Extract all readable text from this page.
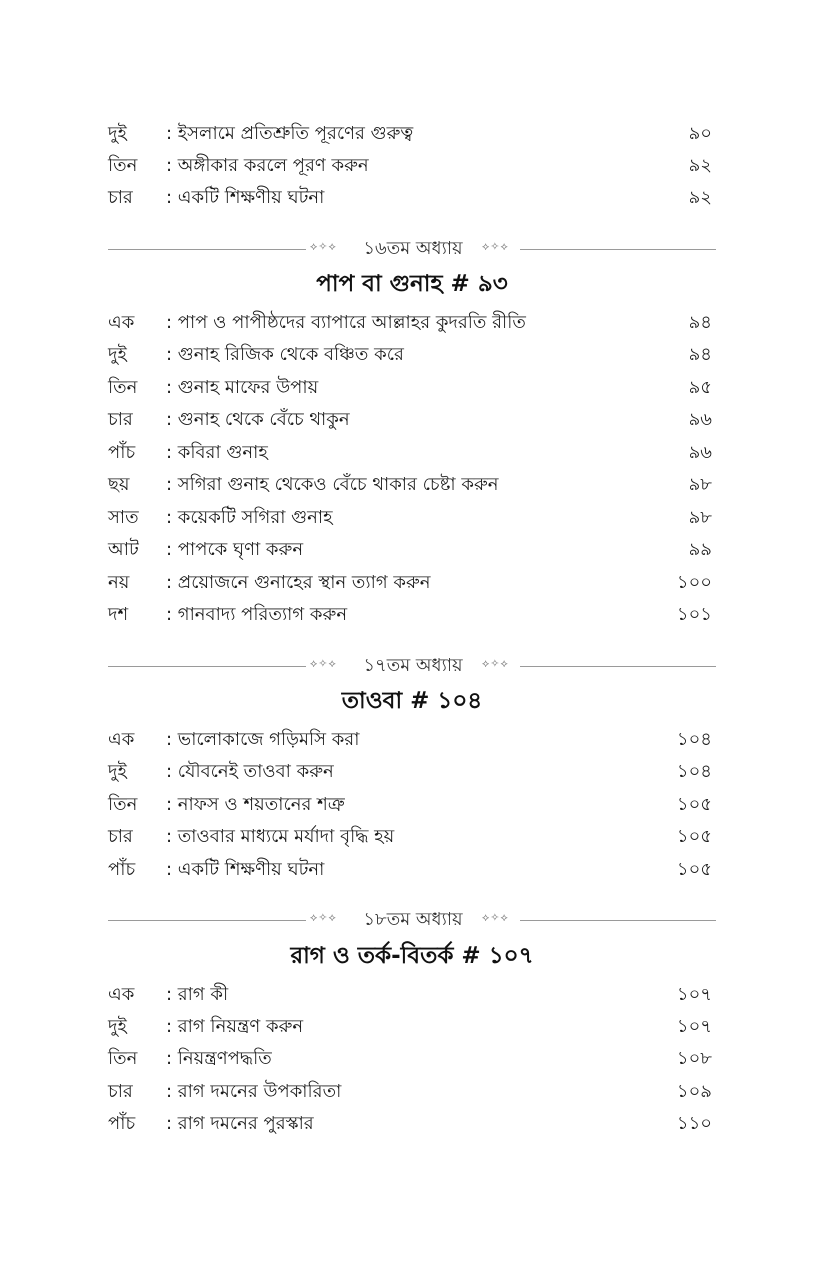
দুই : ইসলামে প্রতিশ্রুতি পূরণের গুরুত্ব	৯০
তিন : অঙ্গীকার করলে পূরণ করুন	৯২
চার : একটি শিক্ষণীয় ঘটনা	৯২
⟡✧⟡	১৬তম অধ্যায়	⟡✧⟡
পাপ বা গুনাহ # ৯৩
এক : পাপ ও পাপীষ্ঠদের ব্যাপারে আল্লাহর কুদরতি রীতি	৯৪
দুই : গুনাহ রিজিক থেকে বঞ্চিত করে	৯৪
তিন : গুনাহ মাফের উপায়	৯৫
চার : গুনাহ থেকে বেঁচে থাকুন	৯৬
পাঁচ : কবিরা গুনাহ	৯৬
ছয় : সগিরা গুনাহ থেকেও বেঁচে থাকার চেষ্টা করুন	৯৮
সাত : কয়েকটি সগিরা গুনাহ	৯৮
আট : পাপকে ঘৃণা করুন	৯৯
নয় : প্রয়োজনে গুনাহের স্থান ত্যাগ করুন	১০০
দশ : গানবাদ্য পরিত্যাগ করুন	১০১
⟡✧⟡	১৭তম অধ্যায়	⟡✧⟡
তাওবা # ১০৪
এক : ভালোকাজে গড়িমসি করা	১০৪
দুই : যৌবনেই তাওবা করুন	১০৪
তিন : নাফস ও শয়তানের শত্রু	১০৫
চার : তাওবার মাধ্যমে মর্যাদা বৃদ্ধি হয়	১০৫
পাঁচ : একটি শিক্ষণীয় ঘটনা	১০৫
⟡✧⟡	১৮তম অধ্যায়	⟡✧⟡
রাগ ও তর্ক-বিতর্ক # ১০৭
এক : রাগ কী	১০৭
দুই : রাগ নিয়ন্ত্রণ করুন	১০৭
তিন : নিয়ন্ত্রণপদ্ধতি	১০৮
চার : রাগ দমনের উপকারিতা	১০৯
পাঁচ : রাগ দমনের পুরস্কার	১১০
